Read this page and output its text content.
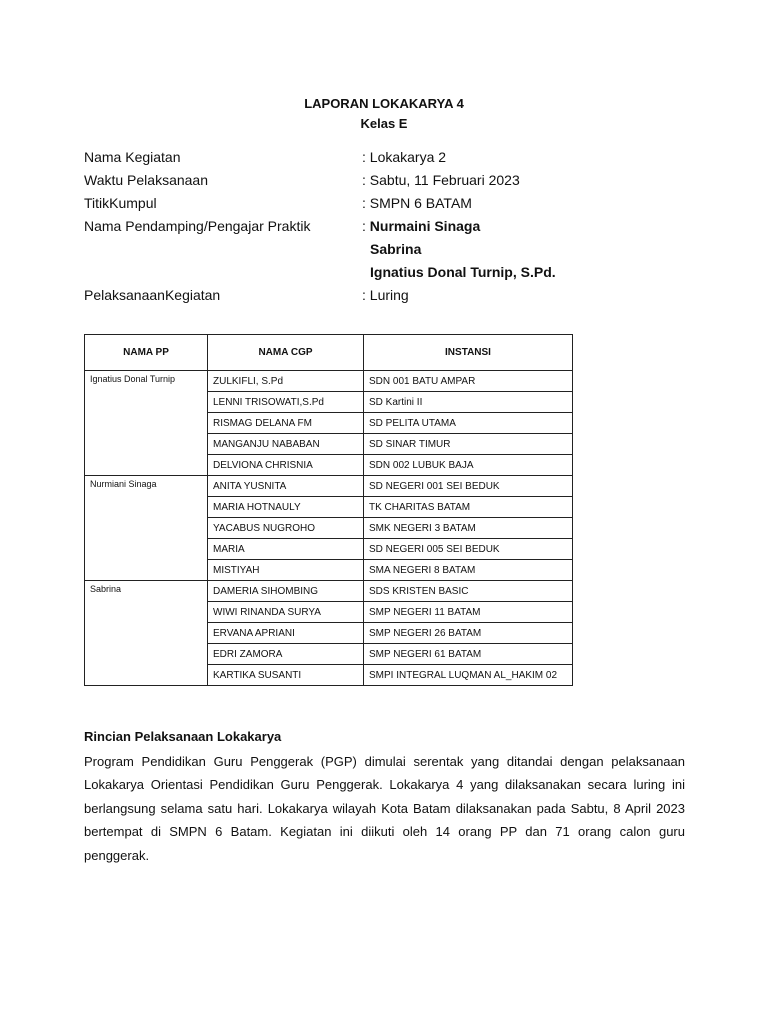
LAPORAN LOKAKARYA 4
Kelas E
Nama Kegiatan	: Lokakarya 2
Waktu Pelaksanaan	: Sabtu, 11 Februari 2023
TitikKumpul	: SMPN 6 BATAM
Nama Pendamping/Pengajar Praktik	: Nurmaini Sinaga
Sabrina
Ignatius Donal Turnip, S.Pd.
PelaksanaanKegiatan	: Luring
NAMA PP	NAMA CGP	INSTANSI
Ignatius Donal Turnip	ZULKIFLI, S.Pd	SDN 001 BATU AMPAR
	LENNI TRISOWATI,S.Pd	SD Kartini II
	RISMAG DELANA FM	SD PELITA UTAMA
	MANGANJU NABABAN	SD SINAR TIMUR
	DELVIONA CHRISNIA	SDN 002 LUBUK BAJA
Nurmiani Sinaga	ANITA YUSNITA	SD NEGERI 001 SEI BEDUK
	MARIA HOTNAULY	TK CHARITAS BATAM
	YACABUS NUGROHO	SMK NEGERI 3 BATAM
	MARIA	SD NEGERI 005 SEI BEDUK
	MISTIYAH	SMA NEGERI 8 BATAM
Sabrina	DAMERIA SIHOMBING	SDS KRISTEN BASIC
	WIWI RINANDA SURYA	SMP NEGERI 11 BATAM
	ERVANA APRIANI	SMP NEGERI 26 BATAM
	EDRI ZAMORA	SMP NEGERI 61 BATAM
	KARTIKA SUSANTI	SMPI INTEGRAL LUQMAN AL_HAKIM 02
Rincian Pelaksanaan Lokakarya
Program Pendidikan Guru Penggerak (PGP) dimulai serentak yang ditandai dengan pelaksanaan Lokakarya Orientasi Pendidikan Guru Penggerak. Lokakarya 4 yang dilaksanakan secara luring ini berlangsung selama satu hari. Lokakarya wilayah Kota Batam dilaksanakan pada Sabtu, 8 April 2023 bertempat di SMPN 6 Batam. Kegiatan ini diikuti oleh 14 orang PP dan 71 orang calon guru penggerak.
